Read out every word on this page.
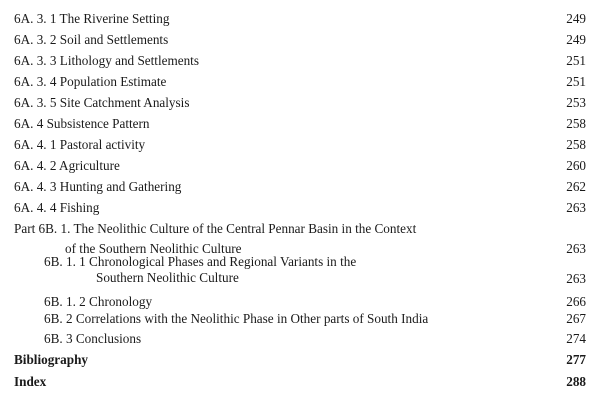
6A. 3. 1 The Riverine Setting	249
6A. 3. 2 Soil and Settlements	249
6A. 3. 3 Lithology and Settlements	251
6A. 3. 4 Population Estimate	251
6A. 3. 5 Site Catchment Analysis	253
6A. 4 Subsistence Pattern	258
6A. 4. 1 Pastoral activity	258
6A. 4. 2 Agriculture	260
6A. 4. 3 Hunting and Gathering	262
6A. 4. 4 Fishing	263
Part 6B. 1. The Neolithic Culture of the Central Pennar Basin in the Context
of the Southern Neolithic Culture	263
6B. 1. 1 Chronological Phases and Regional Variants in the
Southern Neolithic Culture	263
6B. 1. 2 Chronology	266
6B. 2 Correlations with the Neolithic Phase in Other parts of South India	267
6B. 3 Conclusions	274
Bibliography	277
Index	288
